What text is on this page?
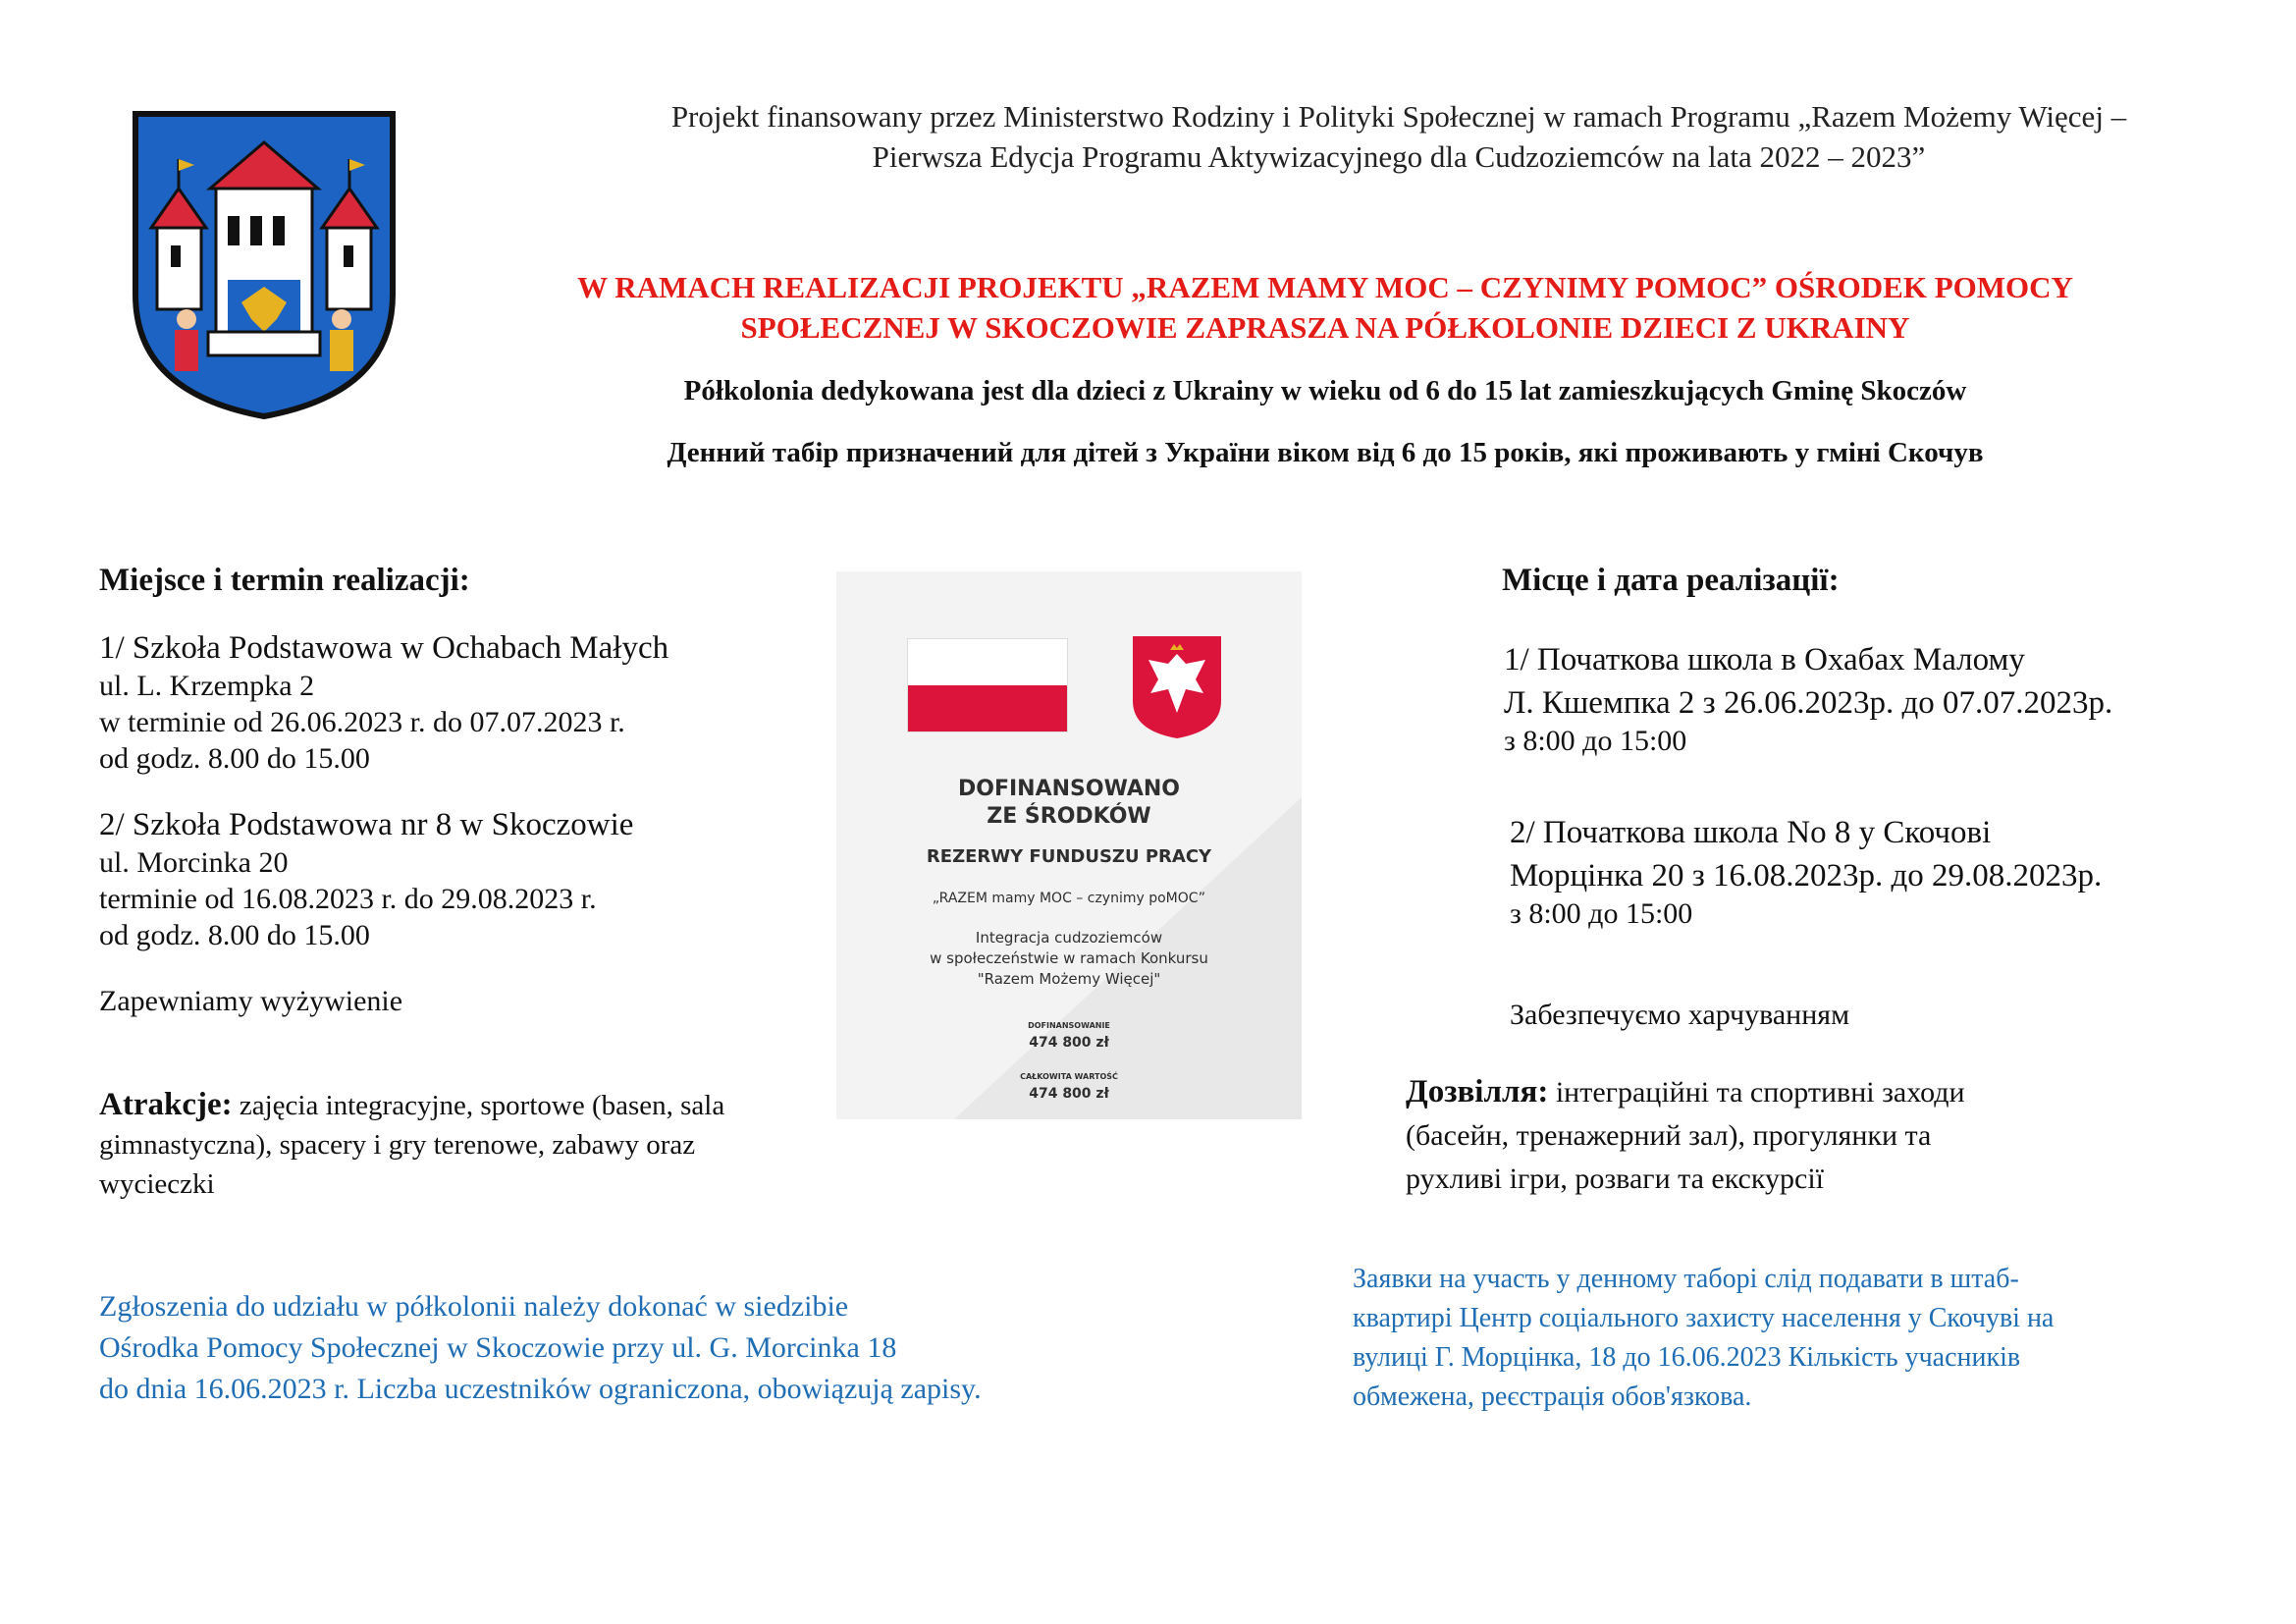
Projekt finansowany przez Ministerstwo Rodziny i Polityki Społecznej w ramach Programu „Razem Możemy Więcej –
Pierwsza Edycja Programu Aktywizacyjnego dla Cudzoziemców na lata 2022 – 2023”
W RAMACH REALIZACJI PROJEKTU „RAZEM MAMY MOC – CZYNIMY POMOC” OŚRODEK POMOCY
SPOŁECZNEJ W SKOCZOWIE ZAPRASZA NA PÓŁKOLONIE DZIECI Z UKRAINY
Półkolonia dedykowana jest dla dzieci z Ukrainy w wieku od 6 do 15 lat zamieszkujących Gminę Skoczów
Денний табір призначений для дітей з України віком від 6 до 15 років, які проживають у гміні Скочув
Miejsce i termin realizacji:
1/ Szkoła Podstawowa w Ochabach Małych
ul. L. Krzempka 2
w terminie od 26.06.2023 r. do 07.07.2023 r.
od godz. 8.00 do 15.00
2/ Szkoła Podstawowa nr 8 w Skoczowie
ul. Morcinka 20
terminie od 16.08.2023 r. do 29.08.2023 r.
od godz. 8.00 do 15.00
Zapewniamy wyżywienie
Atrakcje: zajęcia integracyjne, sportowe (basen, sala
gimnastyczna), spacery i gry terenowe, zabawy oraz
wycieczki
Zgłoszenia do udziału w półkolonii należy dokonać w siedzibie
Ośrodka Pomocy Społecznej w Skoczowie przy ul. G. Morcinka 18
do dnia 16.06.2023 r. Liczba uczestników ograniczona, obowiązują zapisy.
DOFINANSOWANO
ZE ŚRODKÓW
REZERWY FUNDUSZU PRACY
„RAZEM mamy MOC – czynimy poMOC”
Integracja cudzoziemców
w społeczeństwie w ramach Konkursu
"Razem Możemy Więcej"
DOFINANSOWANIE
474 800 zł
CAŁKOWITA WARTOŚĆ
474 800 zł
Місце і дата реалізації:
1/ Початкова школа в Охабах Малому
Л. Кшемпка 2 з 26.06.2023р. до 07.07.2023р.
з 8:00 до 15:00
2/ Початкова школа No 8 у Скочові
Морцінка 20 з 16.08.2023р. до 29.08.2023р.
з 8:00 до 15:00
Забезпечуємо харчуванням
Дозвілля: інтеграційні та спортивні заходи
(басейн, тренажерний зал), прогулянки та
рухливі ігри, розваги та екскурсії
Заявки на участь у денному таборі слід подавати в штаб-
квартирі Центр соціального захисту населення у Скочуві на
вулиці Г. Морцінка, 18 до 16.06.2023 Кількість учасників
обмежена, реєстрація обов'язкова.
